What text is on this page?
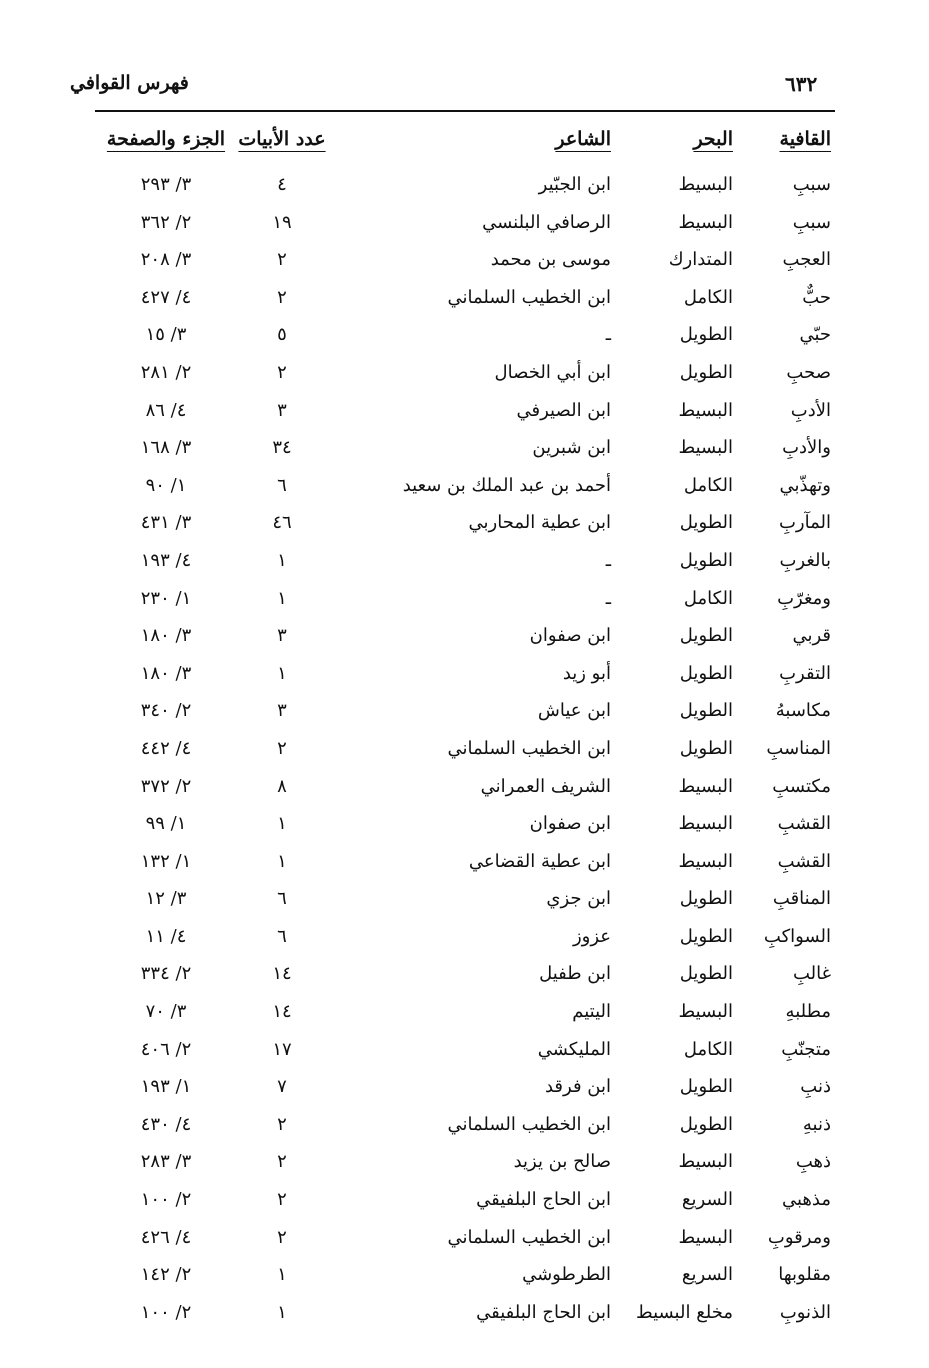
٦٣٢
فهرس القوافي
القافية
البحر
الشاعر
عدد الأبيات
الجزء والصفحة
سببِ
البسيط
ابن الجبّير
٤
٣/ ٢٩٣
سببِ
البسيط
الرصافي البلنسي
١٩
٢/ ٣٦٢
العجبِ
المتدارك
موسى بن محمد
٢
٣/ ٢٠٨
حبٌّ
الكامل
ابن الخطيب السلماني
٢
٤/ ٤٢٧
حبّي
الطويل
ـ
٥
٣/ ١٥
صحبِ
الطويل
ابن أبي الخصال
٢
٢/ ٢٨١
الأدبِ
البسيط
ابن الصيرفي
٣
٤/ ٨٦
والأدبِ
البسيط
ابن شبرين
٣٤
٣/ ١٦٨
وتهذّبي
الكامل
أحمد بن عبد الملك بن سعيد
٦
١/ ٩٠
المآربِ
الطويل
ابن عطية المحاربي
٤٦
٣/ ٤٣١
بالغربِ
الطويل
ـ
١
٤/ ١٩٣
ومغرّبِ
الكامل
ـ
١
١/ ٢٣٠
قربي
الطويل
ابن صفوان
٣
٣/ ١٨٠
التقربِ
الطويل
أبو زيد
١
٣/ ١٨٠
مكاسبهُ
الطويل
ابن عياش
٣
٢/ ٣٤٠
المناسبِ
الطويل
ابن الخطيب السلماني
٢
٤/ ٤٤٢
مكتسبِ
البسيط
الشريف العمراني
٨
٢/ ٣٧٢
القشبِ
البسيط
ابن صفوان
١
١/ ٩٩
القشبِ
البسيط
ابن عطية القضاعي
١
١/ ١٣٢
المناقبِ
الطويل
ابن جزي
٦
٣/ ١٢
السواكبِ
الطويل
عزوز
٦
٤/ ١١
غالبِ
الطويل
ابن طفيل
١٤
٢/ ٣٣٤
مطلبهِ
البسيط
اليتيم
١٤
٣/ ٧٠
متجنّبِ
الكامل
المليكشي
١٧
٢/ ٤٠٦
ذنبِ
الطويل
ابن فرقد
٧
١/ ١٩٣
ذنبهِ
الطويل
ابن الخطيب السلماني
٢
٤/ ٤٣٠
ذهبِ
البسيط
صالح بن يزيد
٢
٣/ ٢٨٣
مذهبي
السريع
ابن الحاج البلفيقي
٢
٢/ ١٠٠
ومرقوبِ
البسيط
ابن الخطيب السلماني
٢
٤/ ٤٢٦
مقلوبها
السريع
الطرطوشي
١
٢/ ١٤٢
الذنوبِ
مخلع البسيط
ابن الحاج البلفيقي
١
٢/ ١٠٠
